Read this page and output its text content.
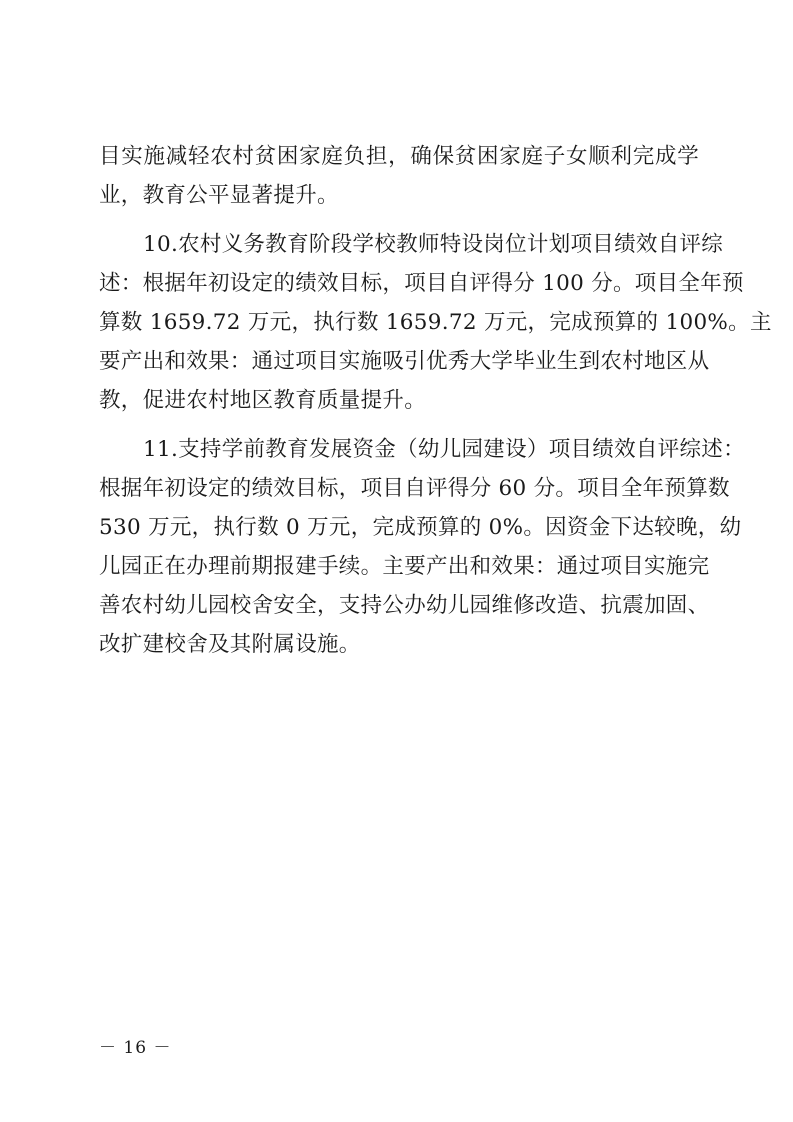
目实施减轻农村贫困家庭负担，确保贫困家庭子女顺利完成学
业，教育公平显著提升。
10.农村义务教育阶段学校教师特设岗位计划项目绩效自评综
述：根据年初设定的绩效目标，项目自评得分 100 分。项目全年预
算数 1659.72 万元，执行数 1659.72 万元，完成预算的 100%。主
要产出和效果：通过项目实施吸引优秀大学毕业生到农村地区从
教，促进农村地区教育质量提升。
11.支持学前教育发展资金（幼儿园建设）项目绩效自评综述：
根据年初设定的绩效目标，项目自评得分 60 分。项目全年预算数
530 万元，执行数 0 万元，完成预算的 0%。因资金下达较晚，幼
儿园正在办理前期报建手续。主要产出和效果：通过项目实施完
善农村幼儿园校舍安全，支持公办幼儿园维修改造、抗震加固、
改扩建校舍及其附属设施。
－ 16 －
